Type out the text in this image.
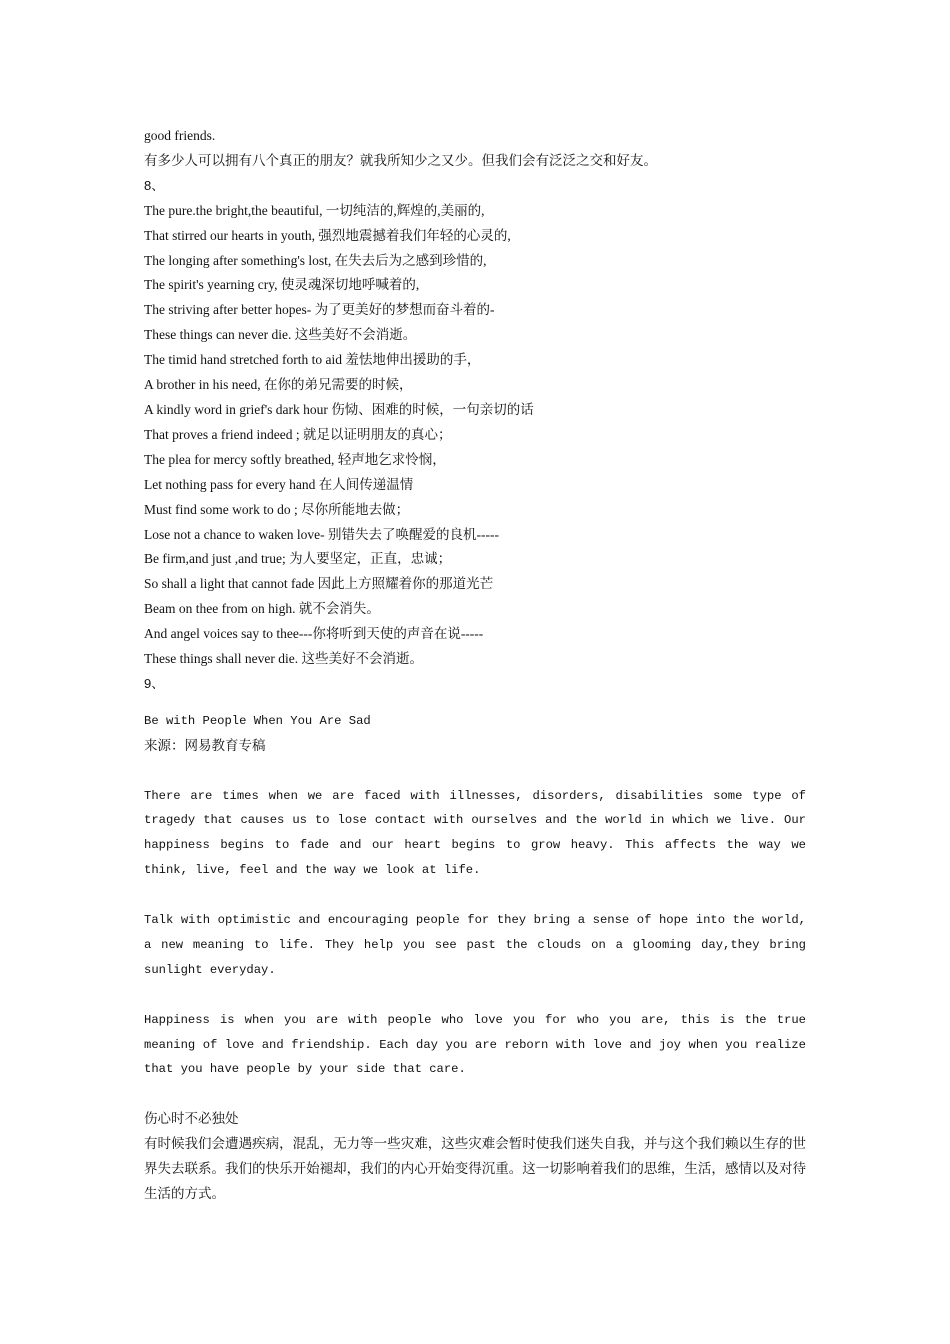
good friends.
有多少人可以拥有八个真正的朋友？就我所知少之又少。但我们会有泛泛之交和好友。
8、
The pure.the bright,the beautiful, 一切纯洁的,辉煌的,美丽的,
That stirred our hearts in youth, 强烈地震撼着我们年轻的心灵的,
The longing after something's lost, 在失去后为之感到珍惜的,
The spirit's yearning cry, 使灵魂深切地呼喊着的,
The striving after better hopes- 为了更美好的梦想而奋斗着的-
These things can never die. 这些美好不会消逝。
The timid hand stretched forth to aid 羞怯地伸出援助的手，
A brother in his need, 在你的弟兄需要的时候，
A kindly word in grief's dark hour 伤恸、困难的时候，一句亲切的话
That proves a friend indeed ; 就足以证明朋友的真心；
The plea for mercy softly breathed, 轻声地乞求怜悯，
Let nothing pass for every hand 在人间传递温情
Must find some work to do ; 尽你所能地去做；
Lose not a chance to waken love- 别错失去了唤醒爱的良机-----
Be firm,and just ,and true; 为人要坚定，正直，忠诚；
So shall a light that cannot fade 因此上方照耀着你的那道光芒
Beam on thee from on high. 就不会消失。
And angel voices say to thee---你将听到天使的声音在说-----
These things shall never die. 这些美好不会消逝。
9、
Be with People When You Are Sad
来源：网易教育专稿
There are times when we are faced with illnesses, disorders, disabilities some type of tragedy that causes us to lose contact with ourselves and the world in which we live. Our happiness begins to fade and our heart begins to grow heavy. This affects the way we think, live, feel and the way we look at life.
Talk with optimistic and encouraging people for they bring a sense of hope into the world, a new meaning to life. They help you see past the clouds on a glooming day,they bring sunlight everyday.
Happiness is when you are with people who love you for who you are, this is the true meaning of love and friendship. Each day you are reborn with love and joy when you realize that you have people by your side that care.
伤心时不必独处
有时候我们会遭遇疾病，混乱，无力等一些灾难，这些灾难会暂时使我们迷失自我，并与这个我们赖以生存的世界失去联系。我们的快乐开始褪却，我们的内心开始变得沉重。这一切影响着我们的思维，生活，感情以及对待生活的方式。
